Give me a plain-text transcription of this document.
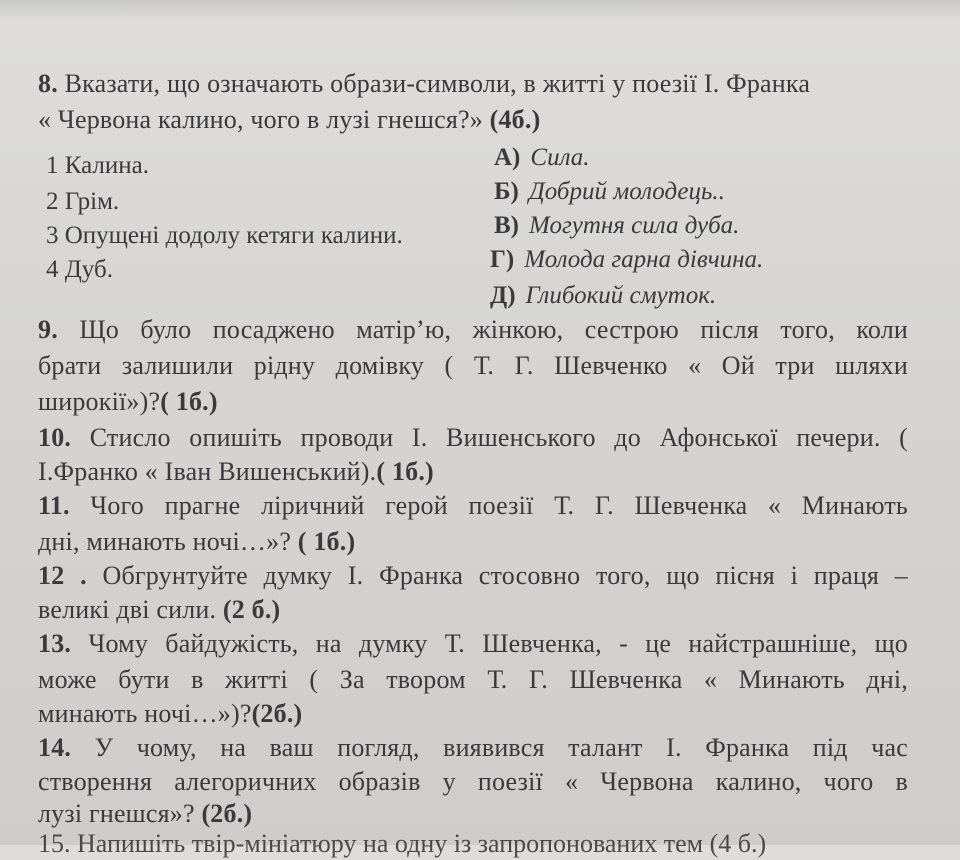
8. Вказати, що означають образи-символи, в житті у поезії І. Франка
« Червона калино, чого в лузі гнешся?» (4б.)
1 Калина.
2 Грім.
3 Опущені додолу кетяги калини.
4 Дуб.
А) Сила.
Б) Добрий молодець..
В) Могутня сила дуба.
Г) Молода гарна дівчина.
Д) Глибокий смуток.
9. Що було посаджено матір’ю, жінкою, сестрою після того, коли
брати залишили рідну домівку ( Т. Г. Шевченко « Ой три шляхи
широкії»)?( 1б.)
10. Стисло опишіть проводи І. Вишенського до Афонської печери. (
І.Франко « Іван Вишенський).( 1б.)
11. Чого прагне ліричний герой поезії Т. Г. Шевченка « Минають
дні, минають ночі…»? ( 1б.)
12 . Обгрунтуйте думку І. Франка стосовно того, що пісня і праця –
великі дві сили. (2 б.)
13. Чому байдужість, на думку Т. Шевченка, - це найстрашніше, що
може бути в житті ( За твором Т. Г. Шевченка « Минають дні,
минають ночі…»)?(2б.)
14. У чому, на ваш погляд, виявився талант І. Франка під час
створення алегоричних образів у поезії « Червона калино, чого в
лузі гнешся»? (2б.)
15. Напишіть твір-мініатюру на одну із запропонованих тем (4 б.)
